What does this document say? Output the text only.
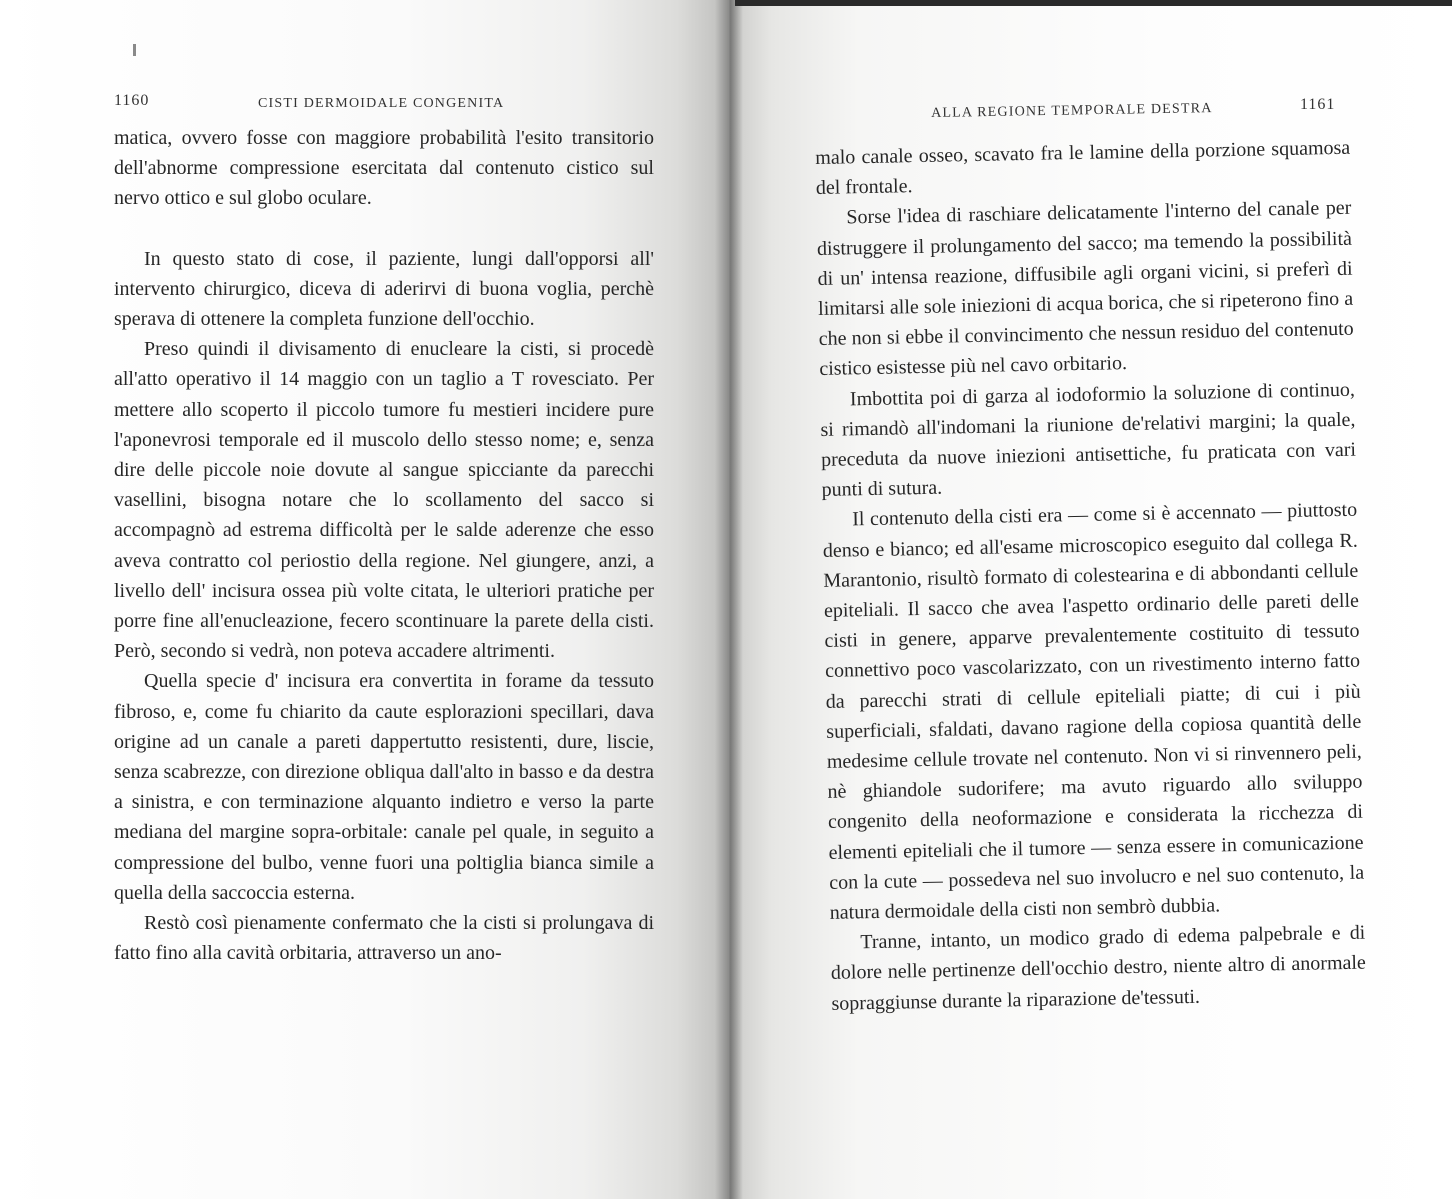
1160	CISTI DERMOIDALE CONGENITA

matica, ovvero fosse con maggiore probabilità l'esito transitorio dell'abnorme compressione esercitata dal contenuto cistico sul nervo ottico e sul globo oculare.

In questo stato di cose, il paziente, lungi dall'opporsi all' intervento chirurgico, diceva di aderirvi di buona voglia, perchè sperava di ottenere la completa funzione dell'occhio.

Preso quindi il divisamento di enucleare la cisti, si procedè all'atto operativo il 14 maggio con un taglio a T rovesciato. Per mettere allo scoperto il piccolo tumore fu mestieri incidere pure l'aponevrosi temporale ed il muscolo dello stesso nome; e, senza dire delle piccole noie dovute al sangue spicciante da parecchi vasellini, bisogna notare che lo scollamento del sacco si accompagnò ad estrema difficoltà per le salde aderenze che esso aveva contratto col periostio della regione. Nel giungere, anzi, a livello dell' incisura ossea più volte citata, le ulteriori pratiche per porre fine all'enucleazione, fecero scontinuare la parete della cisti. Però, secondo si vedrà, non poteva accadere altrimenti.

Quella specie d' incisura era convertita in forame da tessuto fibroso, e, come fu chiarito da caute esplorazioni specillari, dava origine ad un canale a pareti dappertutto resistenti, dure, liscie, senza scabrezze, con direzione obliqua dall'alto in basso e da destra a sinistra, e con terminazione alquanto indietro e verso la parte mediana del margine sopra-orbitale: canale pel quale, in seguito a compressione del bulbo, venne fuori una poltiglia bianca simile a quella della saccoccia esterna.

Restò così pienamente confermato che la cisti si prolungava di fatto fino alla cavità orbitaria, attraverso un ano-

ALLA REGIONE TEMPORALE DESTRA	1161

malo canale osseo, scavato fra le lamine della porzione squamosa del frontale.

Sorse l'idea di raschiare delicatamente l'interno del canale per distruggere il prolungamento del sacco; ma temendo la possibilità di un' intensa reazione, diffusibile agli organi vicini, si preferì di limitarsi alle sole iniezioni di acqua borica, che si ripeterono fino a che non si ebbe il convincimento che nessun residuo del contenuto cistico esistesse più nel cavo orbitario.

Imbottita poi di garza al iodoformio la soluzione di continuo, si rimandò all'indomani la riunione de'relativi margini; la quale, preceduta da nuove iniezioni antisettiche, fu praticata con vari punti di sutura.

Il contenuto della cisti era — come si è accennato — piuttosto denso e bianco; ed all'esame microscopico eseguito dal collega R. Marantonio, risultò formato di colestearina e di abbondanti cellule epiteliali. Il sacco che avea l'aspetto ordinario delle pareti delle cisti in genere, apparve prevalentemente costituito di tessuto connettivo poco vascolarizzato, con un rivestimento interno fatto da parecchi strati di cellule epiteliali piatte; di cui i più superficiali, sfaldati, davano ragione della copiosa quantità delle medesime cellule trovate nel contenuto. Non vi si rinvennero peli, nè ghiandole sudorifere; ma avuto riguardo allo sviluppo congenito della neoformazione e considerata la ricchezza di elementi epiteliali che il tumore — senza essere in comunicazione con la cute — possedeva nel suo involucro e nel suo contenuto, la natura dermoidale della cisti non sembrò dubbia.

Tranne, intanto, un modico grado di edema palpebrale e di dolore nelle pertinenze dell'occhio destro, niente altro di anormale sopraggiunse durante la riparazione de'tessuti.
